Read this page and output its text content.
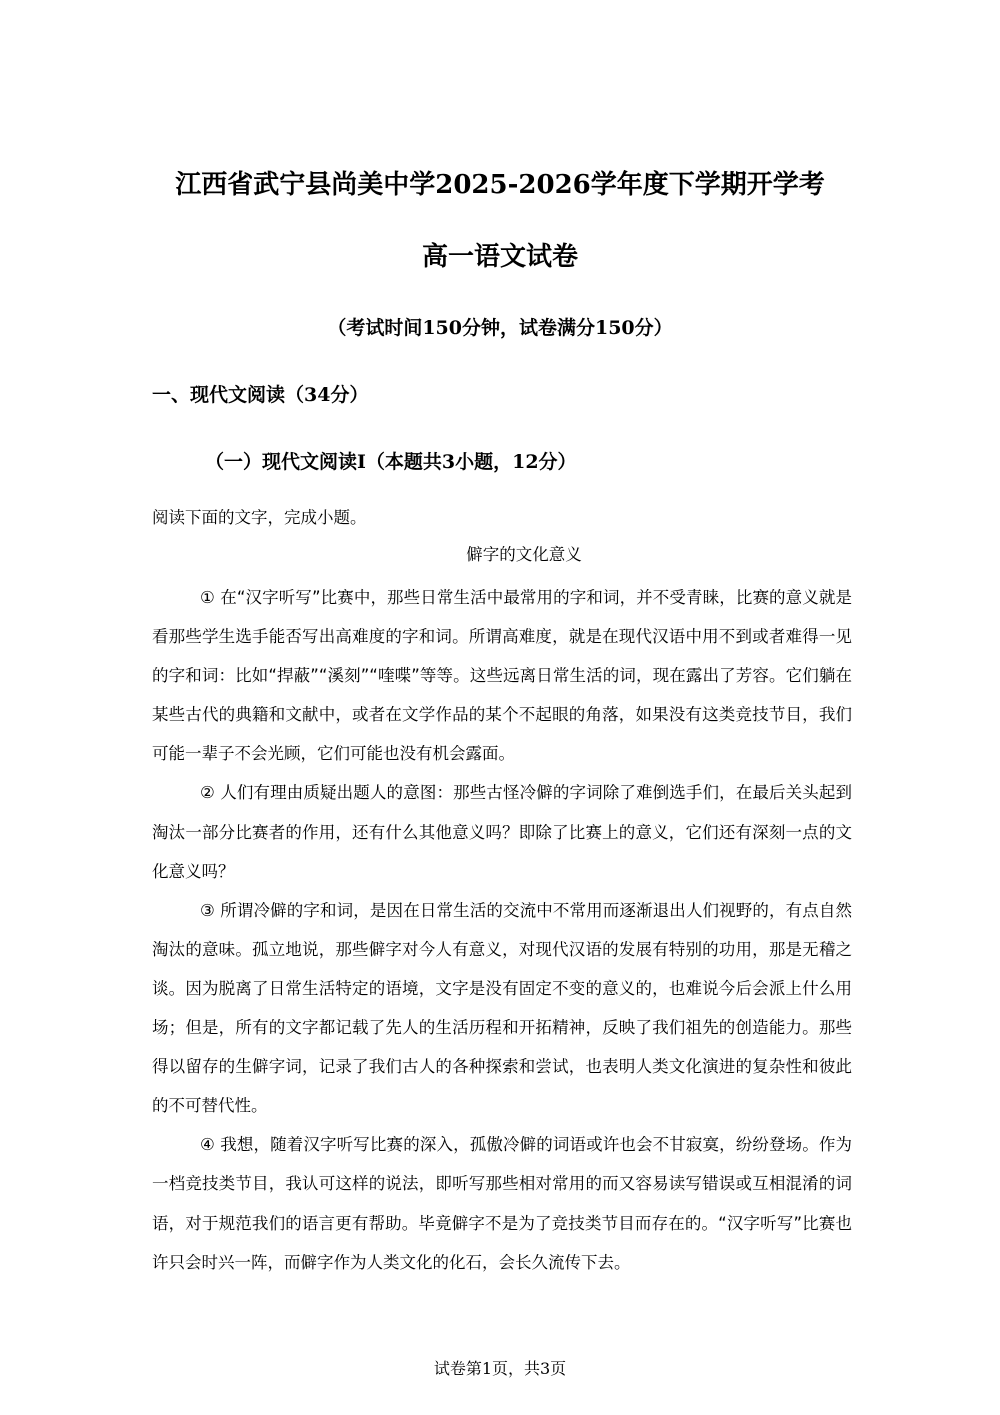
江西省武宁县尚美中学2025-2026学年度下学期开学考
高一语文试卷
（考试时间150分钟，试卷满分150分）
一、现代文阅读（34分）
（一）现代文阅读I（本题共3小题，12分）
阅读下面的文字，完成小题。
僻字的文化意义

① 在“汉字听写”比赛中，那些日常生活中最常用的字和词，并不受青睐，比赛的意义就是看那些学生选手能否写出高难度的字和词。所谓高难度，就是在现代汉语中用不到或者难得一见的字和词：比如“捍蔽”“溪刻”“喹喋”等等。这些远离日常生活的词，现在露出了芳容。它们躺在某些古代的典籍和文献中，或者在文学作品的某个不起眼的角落，如果没有这类竞技节目，我们可能一辈子不会光顾，它们可能也没有机会露面。

② 人们有理由质疑出题人的意图：那些古怪冷僻的字词除了难倒选手们，在最后关头起到淘汰一部分比赛者的作用，还有什么其他意义吗？即除了比赛上的意义，它们还有深刻一点的文化意义吗？

③ 所谓冷僻的字和词，是因在日常生活的交流中不常用而逐渐退出人们视野的，有点自然淘汰的意味。孤立地说，那些僻字对今人有意义，对现代汉语的发展有特别的功用，那是无稽之谈。因为脱离了日常生活特定的语境，文字是没有固定不变的意义的，也难说今后会派上什么用场；但是，所有的文字都记载了先人的生活历程和开拓精神，反映了我们祖先的创造能力。那些得以留存的生僻字词，记录了我们古人的各种探索和尝试，也表明人类文化演进的复杂性和彼此的不可替代性。

④ 我想，随着汉字听写比赛的深入，孤傲冷僻的词语或许也会不甘寂寞，纷纷登场。作为一档竞技类节目，我认可这样的说法，即听写那些相对常用的而又容易读写错误或互相混淆的词语，对于规范我们的语言更有帮助。毕竟僻字不是为了竞技类节目而存在的。“汉字听写”比赛也许只会时兴一阵，而僻字作为人类文化的化石，会长久流传下去。

试卷第1页，共3页
